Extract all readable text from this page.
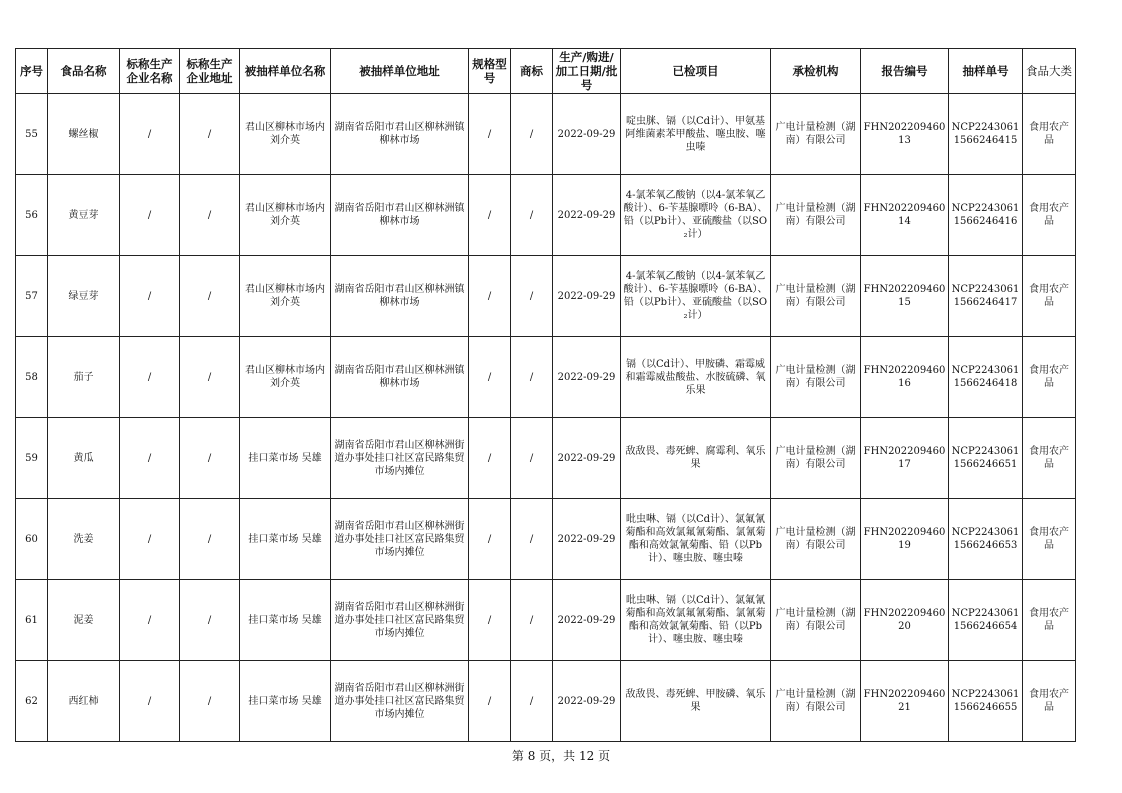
序号	食品名称	标称生产企业名称	标称生产企业地址	被抽样单位名称	被抽样单位地址	规格型号	商标	生产/购进/加工日期/批号	已检项目	承检机构	报告编号	抽样单号	食品大类
55	螺丝椒	/	/	君山区柳林市场内刘介英	湖南省岳阳市君山区柳林洲镇柳林市场	/	/	2022-09-29	啶虫脒、镉（以Cd计）、甲氨基阿维菌素苯甲酸盐、噻虫胺、噻虫嗪	广电计量检测（湖南）有限公司	FHN20220946013	NCP22430611566246415	食用农产品
56	黄豆芽	/	/	君山区柳林市场内刘介英	湖南省岳阳市君山区柳林洲镇柳林市场	/	/	2022-09-29	4-氯苯氧乙酸钠（以4-氯苯氧乙酸计）、6-苄基腺嘌呤（6-BA）、铅（以Pb计）、亚硫酸盐（以SO₂计）	广电计量检测（湖南）有限公司	FHN20220946014	NCP22430611566246416	食用农产品
57	绿豆芽	/	/	君山区柳林市场内刘介英	湖南省岳阳市君山区柳林洲镇柳林市场	/	/	2022-09-29	4-氯苯氧乙酸钠（以4-氯苯氧乙酸计）、6-苄基腺嘌呤（6-BA）、铅（以Pb计）、亚硫酸盐（以SO₂计）	广电计量检测（湖南）有限公司	FHN20220946015	NCP22430611566246417	食用农产品
58	茄子	/	/	君山区柳林市场内刘介英	湖南省岳阳市君山区柳林洲镇柳林市场	/	/	2022-09-29	镉（以Cd计）、甲胺磷、霜霉威和霜霉威盐酸盐、水胺硫磷、氧乐果	广电计量检测（湖南）有限公司	FHN20220946016	NCP22430611566246418	食用农产品
59	黄瓜	/	/	挂口菜市场 吴雄	湖南省岳阳市君山区柳林洲街道办事处挂口社区富民路集贸市场内摊位	/	/	2022-09-29	敌敌畏、毒死蜱、腐霉利、氧乐果	广电计量检测（湖南）有限公司	FHN20220946017	NCP22430611566246651	食用农产品
60	洗姜	/	/	挂口菜市场 吴雄	湖南省岳阳市君山区柳林洲街道办事处挂口社区富民路集贸市场内摊位	/	/	2022-09-29	吡虫啉、镉（以Cd计）、氯氟氰菊酯和高效氯氟氰菊酯、氯氰菊酯和高效氯氰菊酯、铅（以Pb计）、噻虫胺、噻虫嗪	广电计量检测（湖南）有限公司	FHN20220946019	NCP22430611566246653	食用农产品
61	泥姜	/	/	挂口菜市场 吴雄	湖南省岳阳市君山区柳林洲街道办事处挂口社区富民路集贸市场内摊位	/	/	2022-09-29	吡虫啉、镉（以Cd计）、氯氟氰菊酯和高效氯氟氰菊酯、氯氰菊酯和高效氯氰菊酯、铅（以Pb计）、噻虫胺、噻虫嗪	广电计量检测（湖南）有限公司	FHN20220946020	NCP22430611566246654	食用农产品
62	西红柿	/	/	挂口菜市场 吴雄	湖南省岳阳市君山区柳林洲街道办事处挂口社区富民路集贸市场内摊位	/	/	2022-09-29	敌敌畏、毒死蜱、甲胺磷、氧乐果	广电计量检测（湖南）有限公司	FHN20220946021	NCP22430611566246655	食用农产品
第 8 页，共 12 页
